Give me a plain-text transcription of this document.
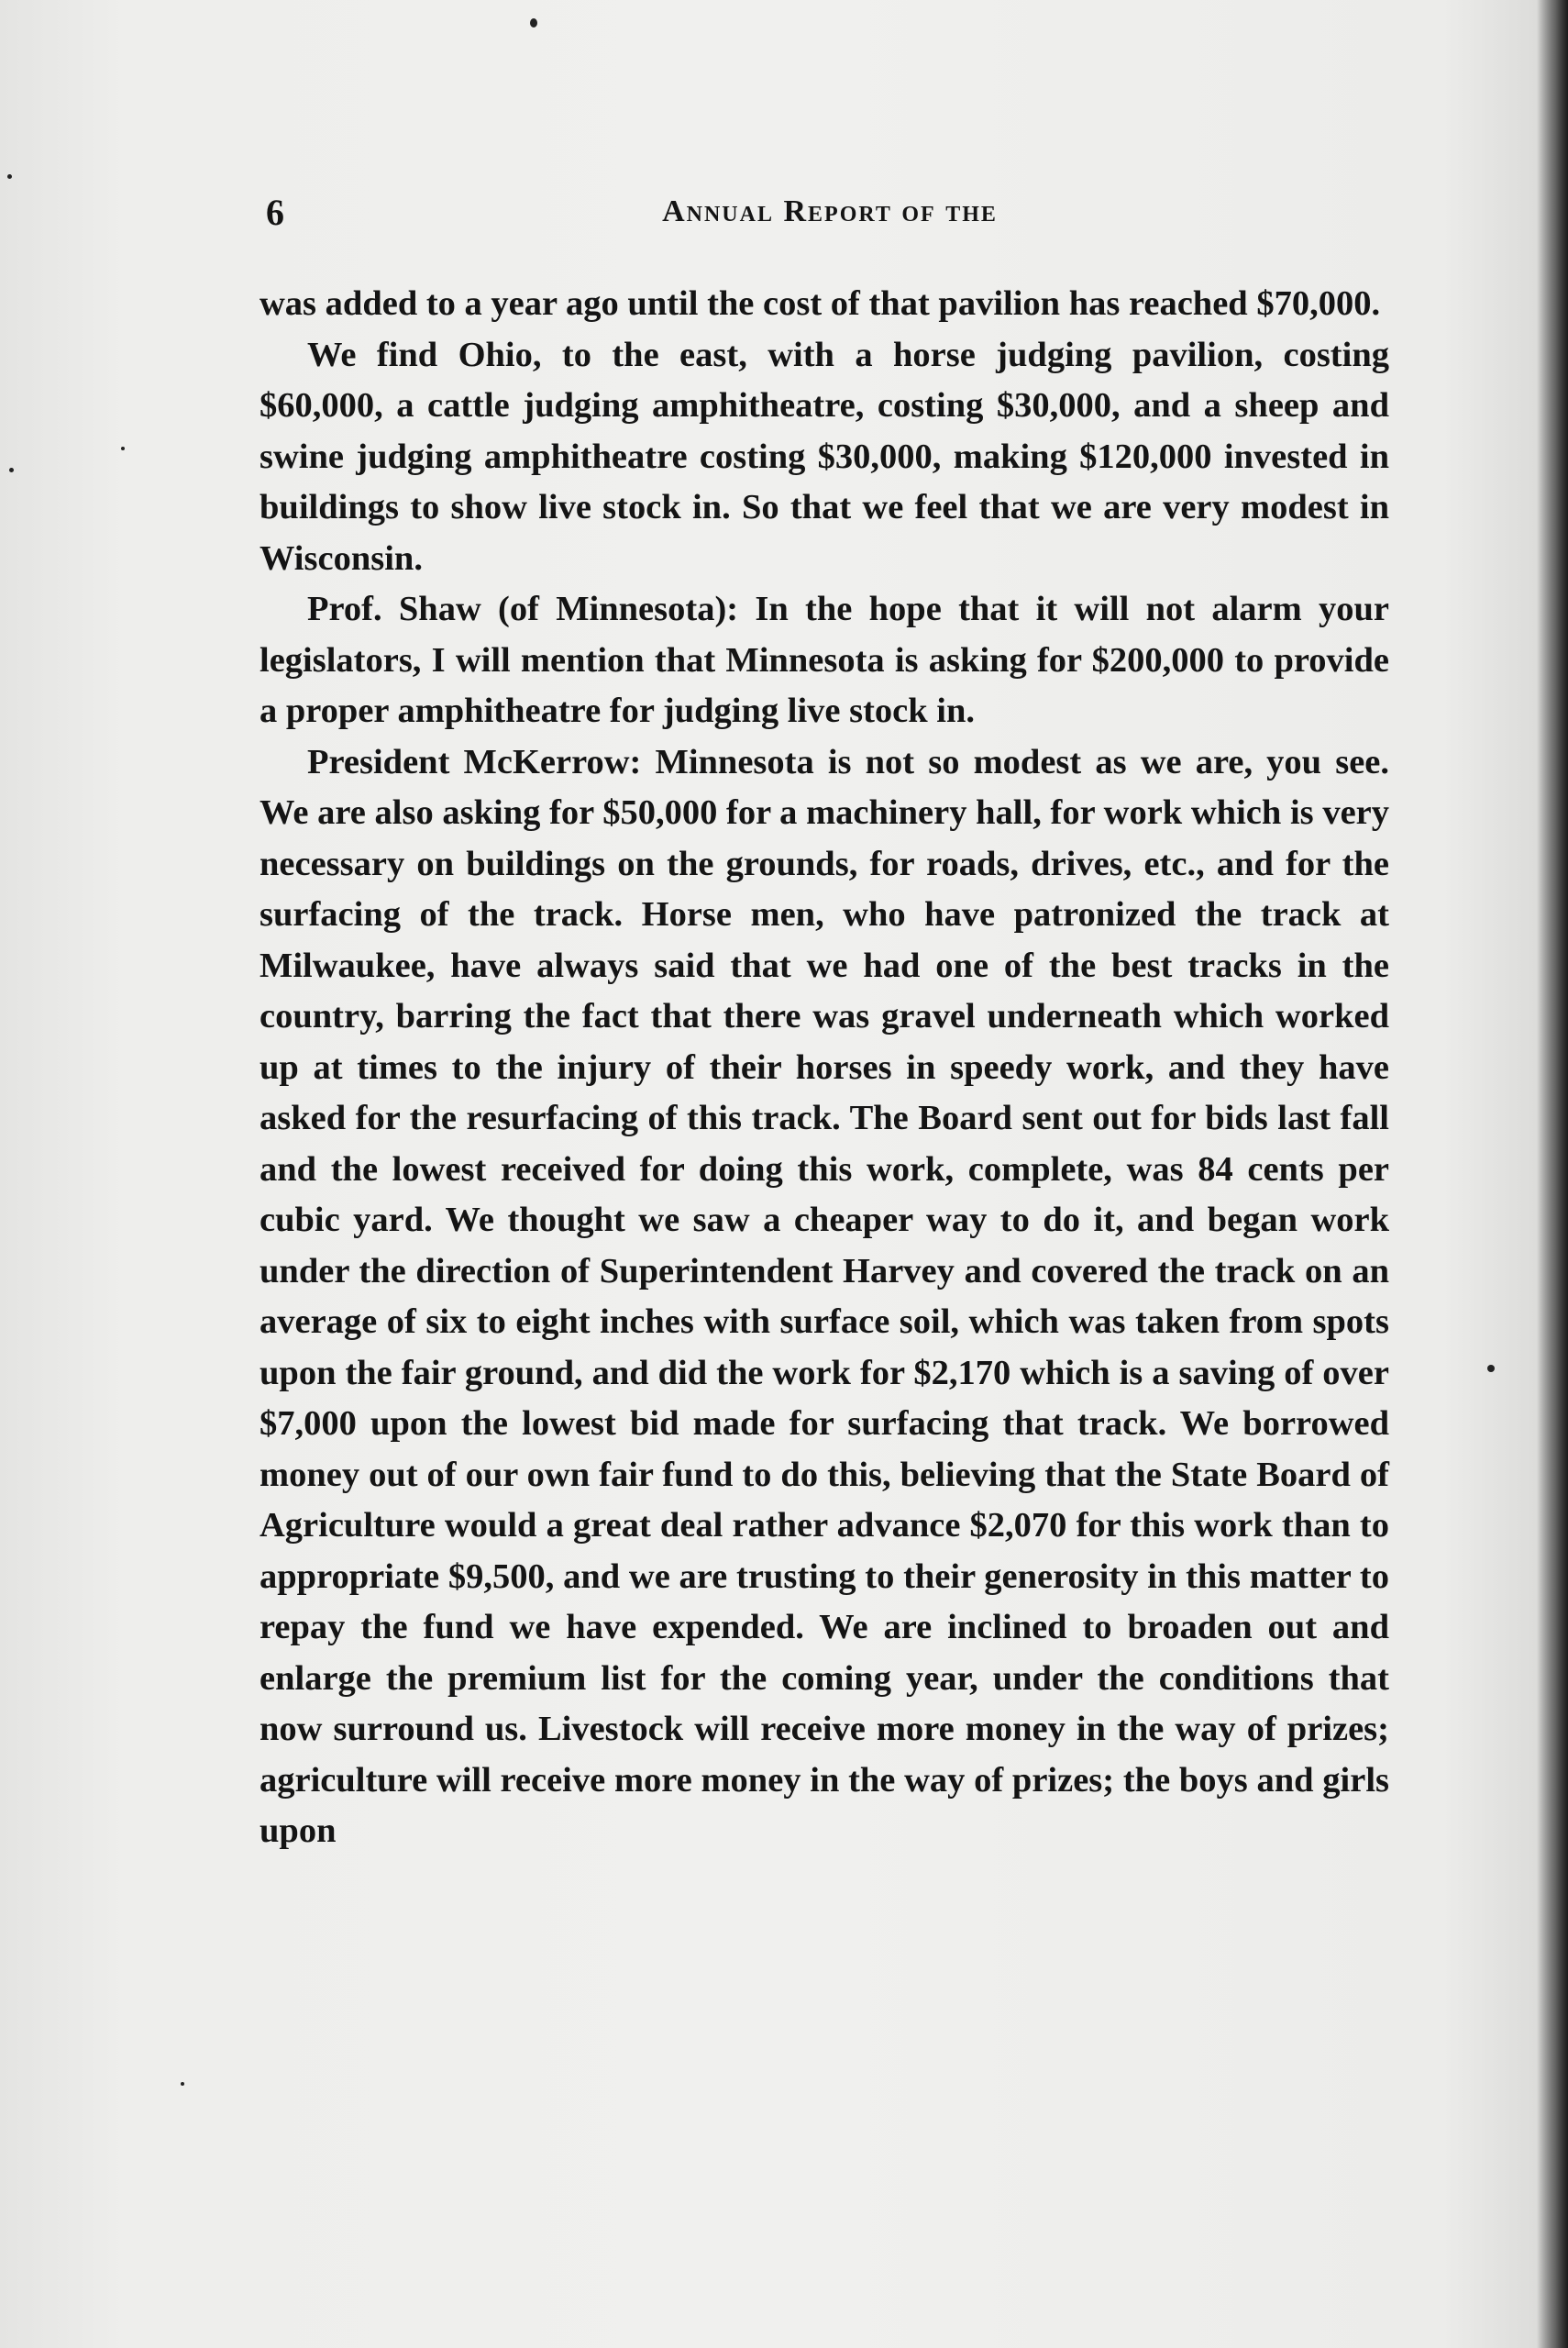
6	Annual Report of the

was added to a year ago until the cost of that pavilion has reached $70,000.

We find Ohio, to the east, with a horse judging pavilion, costing $60,000, a cattle judging amphitheatre, costing $30,000, and a sheep and swine judging amphitheatre costing $30,000, making $120,000 invested in buildings to show live stock in. So that we feel that we are very modest in Wisconsin.

Prof. Shaw (of Minnesota): In the hope that it will not alarm your legislators, I will mention that Minnesota is asking for $200,000 to provide a proper amphitheatre for judging live stock in.

President McKerrow: Minnesota is not so modest as we are, you see. We are also asking for $50,000 for a machinery hall, for work which is very necessary on buildings on the grounds, for roads, drives, etc., and for the surfacing of the track. Horse men, who have patronized the track at Milwaukee, have always said that we had one of the best tracks in the country, barring the fact that there was gravel underneath which worked up at times to the injury of their horses in speedy work, and they have asked for the resurfacing of this track. The Board sent out for bids last fall and the lowest received for doing this work, complete, was 84 cents per cubic yard. We thought we saw a cheaper way to do it, and began work under the direction of Superintendent Harvey and covered the track on an average of six to eight inches with surface soil, which was taken from spots upon the fair ground, and did the work for $2,170 which is a saving of over $7,000 upon the lowest bid made for surfacing that track. We borrowed money out of our own fair fund to do this, believing that the State Board of Agriculture would a great deal rather advance $2,070 for this work than to appropriate $9,500, and we are trusting to their generosity in this matter to repay the fund we have expended. We are inclined to broaden out and enlarge the premium list for the coming year, under the conditions that now surround us. Livestock will receive more money in the way of prizes; agriculture will receive more money in the way of prizes; the boys and girls upon
